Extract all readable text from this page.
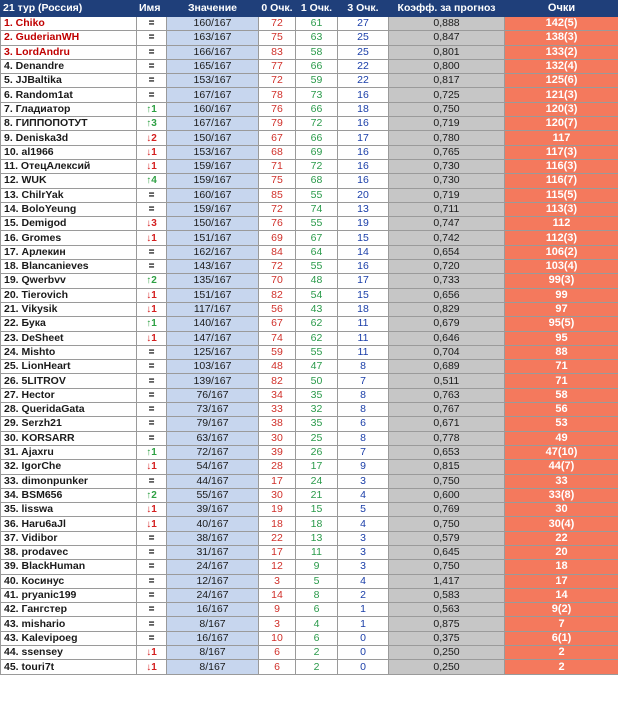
21 тур (Россия)	Имя	Значение	0 Очк.	1 Очк.	3 Очк.	Коэфф. за прогноз	Очки
1. Chiko	=	160/167	72	61	27	0,888	142(5)
2. GuderianWH	=	163/167	75	63	25	0,847	138(3)
3. LordAndru	=	166/167	83	58	25	0,801	133(2)
4. Denandre	=	165/167	77	66	22	0,800	132(4)
5. JJBaltika	=	153/167	72	59	22	0,817	125(6)
6. Random1at	=	167/167	78	73	16	0,725	121(3)
7. Гладиатор	↑1	160/167	76	66	18	0,750	120(3)
8. ГИППОПОТУТ	↑3	167/167	79	72	16	0,719	120(7)
9. Deniska3d	↓2	150/167	67	66	17	0,780	117
10. al1966	↓1	153/167	68	69	16	0,765	117(3)
11. ОтецАлексий	↓1	159/167	71	72	16	0,730	116(3)
12. WUK	↑4	159/167	75	68	16	0,730	116(7)
13. ChilrYak	=	160/167	85	55	20	0,719	115(5)
14. BoloYeung	=	159/167	72	74	13	0,711	113(3)
15. Demigod	↓3	150/167	76	55	19	0,747	112
16. Gromes	↓1	151/167	69	67	15	0,742	112(3)
17. Арлекин	=	162/167	84	64	14	0,654	106(2)
18. Blancanieves	=	143/167	72	55	16	0,720	103(4)
19. Qwerbvv	↑2	135/167	70	48	17	0,733	99(3)
20. Tierovich	↓1	151/167	82	54	15	0,656	99
21. Vikysik	↓1	117/167	56	43	18	0,829	97
22. Бука	↑1	140/167	67	62	11	0,679	95(5)
23. DeSheet	↓1	147/167	74	62	11	0,646	95
24. Mishto	=	125/167	59	55	11	0,704	88
25. LionHeart	=	103/167	48	47	8	0,689	71
26. 5LITROV	=	139/167	82	50	7	0,511	71
27. Hector	=	76/167	34	35	8	0,763	58
28. QueridaGata	=	73/167	33	32	8	0,767	56
29. Serzh21	=	79/167	38	35	6	0,671	53
30. KORSARR	=	63/167	30	25	8	0,778	49
31. Ajaxru	↑1	72/167	39	26	7	0,653	47(10)
32. IgorChe	↓1	54/167	28	17	9	0,815	44(7)
33. dimonpunker	=	44/167	17	24	3	0,750	33
34. BSM656	↑2	55/167	30	21	4	0,600	33(8)
35. lisswa	↓1	39/167	19	15	5	0,769	30
36. Haru6aJl	↓1	40/167	18	18	4	0,750	30(4)
37. Vidibor	=	38/167	22	13	3	0,579	22
38. prodavec	=	31/167	17	11	3	0,645	20
39. BlackHuman	=	24/167	12	9	3	0,750	18
40. Косинус	=	12/167	3	5	4	1,417	17
41. pryanic199	=	24/167	14	8	2	0,583	14
42. Гангстер	=	16/167	9	6	1	0,563	9(2)
43. mishario	=	8/167	3	4	1	0,875	7
43. Kalevipoeg	=	16/167	10	6	0	0,375	6(1)
44. ssensey	↓1	8/167	6	2	0	0,250	2
45. touri7t	↓1	8/167	6	2	0	0,250	2
